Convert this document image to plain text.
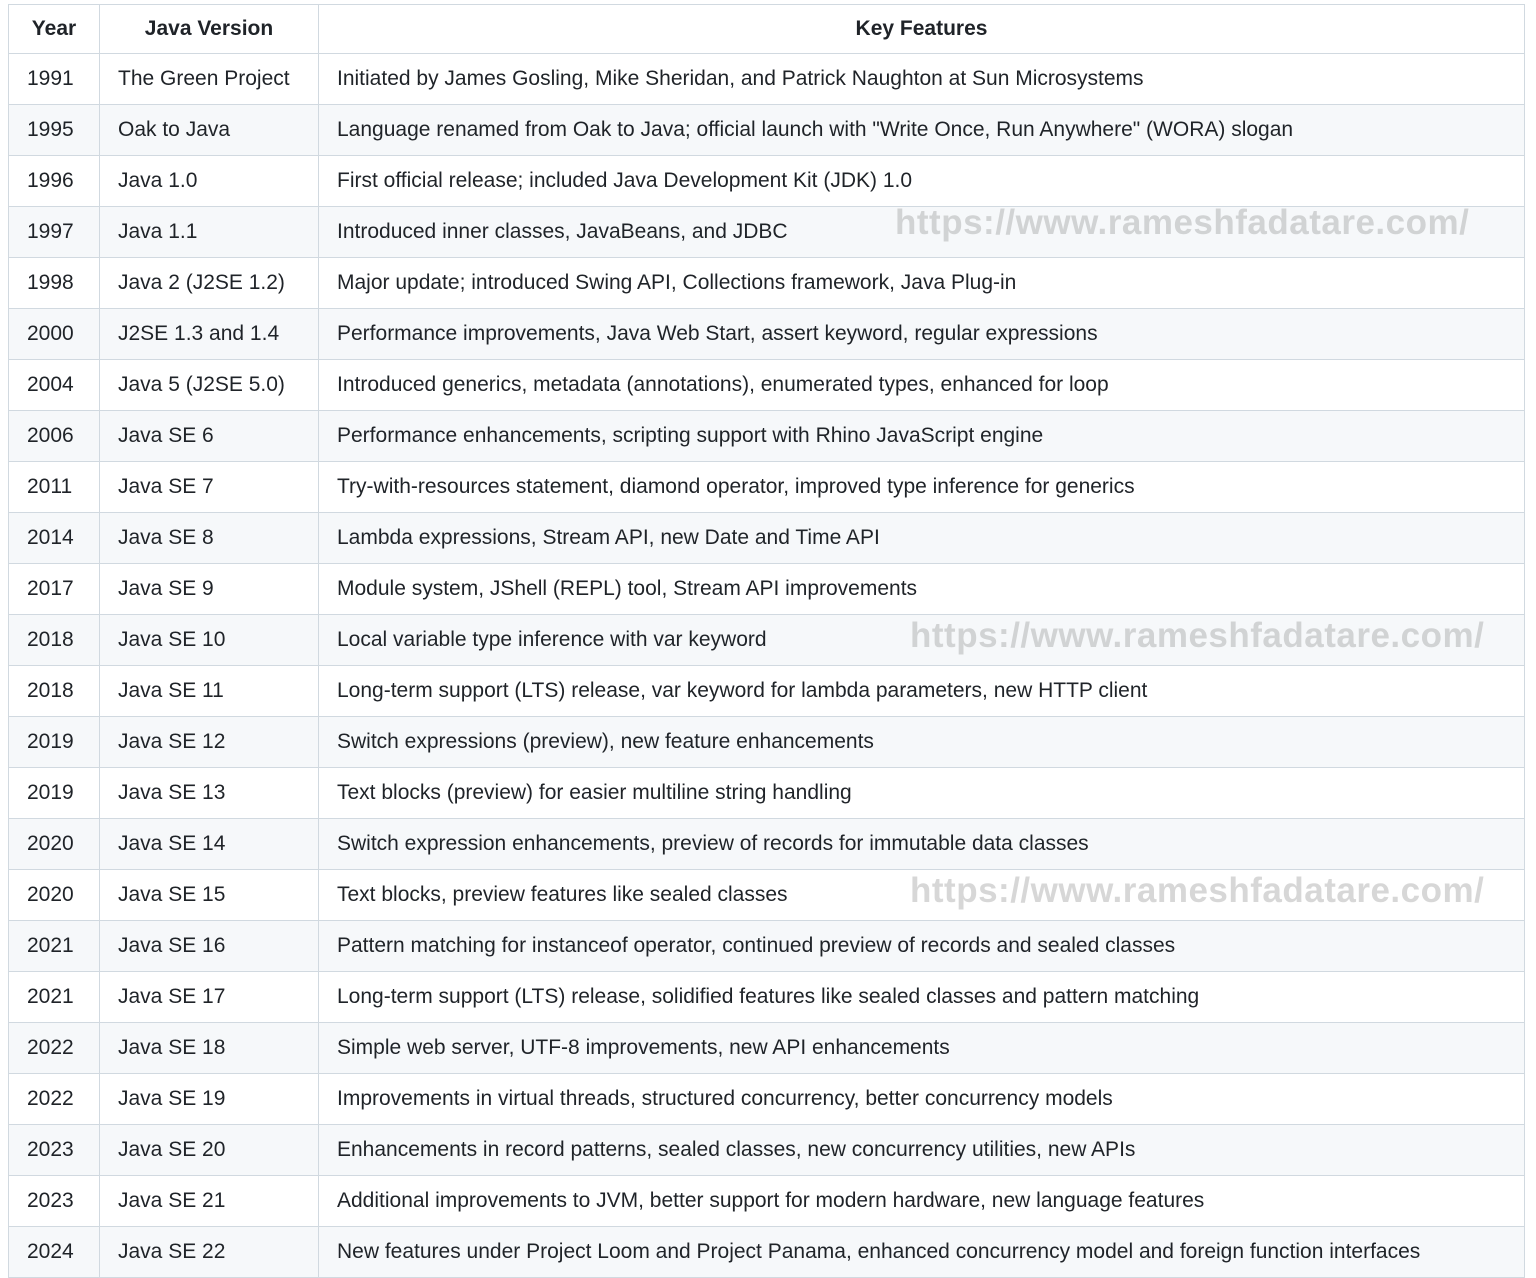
Year	Java Version	Key Features
1991	The Green Project	Initiated by James Gosling, Mike Sheridan, and Patrick Naughton at Sun Microsystems
1995	Oak to Java	Language renamed from Oak to Java; official launch with "Write Once, Run Anywhere" (WORA) slogan
1996	Java 1.0	First official release; included Java Development Kit (JDK) 1.0
1997	Java 1.1	Introduced inner classes, JavaBeans, and JDBC
1998	Java 2 (J2SE 1.2)	Major update; introduced Swing API, Collections framework, Java Plug-in
2000	J2SE 1.3 and 1.4	Performance improvements, Java Web Start, assert keyword, regular expressions
2004	Java 5 (J2SE 5.0)	Introduced generics, metadata (annotations), enumerated types, enhanced for loop
2006	Java SE 6	Performance enhancements, scripting support with Rhino JavaScript engine
2011	Java SE 7	Try-with-resources statement, diamond operator, improved type inference for generics
2014	Java SE 8	Lambda expressions, Stream API, new Date and Time API
2017	Java SE 9	Module system, JShell (REPL) tool, Stream API improvements
2018	Java SE 10	Local variable type inference with var keyword
2018	Java SE 11	Long-term support (LTS) release, var keyword for lambda parameters, new HTTP client
2019	Java SE 12	Switch expressions (preview), new feature enhancements
2019	Java SE 13	Text blocks (preview) for easier multiline string handling
2020	Java SE 14	Switch expression enhancements, preview of records for immutable data classes
2020	Java SE 15	Text blocks, preview features like sealed classes
2021	Java SE 16	Pattern matching for instanceof operator, continued preview of records and sealed classes
2021	Java SE 17	Long-term support (LTS) release, solidified features like sealed classes and pattern matching
2022	Java SE 18	Simple web server, UTF-8 improvements, new API enhancements
2022	Java SE 19	Improvements in virtual threads, structured concurrency, better concurrency models
2023	Java SE 20	Enhancements in record patterns, sealed classes, new concurrency utilities, new APIs
2023	Java SE 21	Additional improvements to JVM, better support for modern hardware, new language features
2024	Java SE 22	New features under Project Loom and Project Panama, enhanced concurrency model and foreign function interfaces
https://www.rameshfadatare.com/
https://www.rameshfadatare.com/
https://www.rameshfadatare.com/
